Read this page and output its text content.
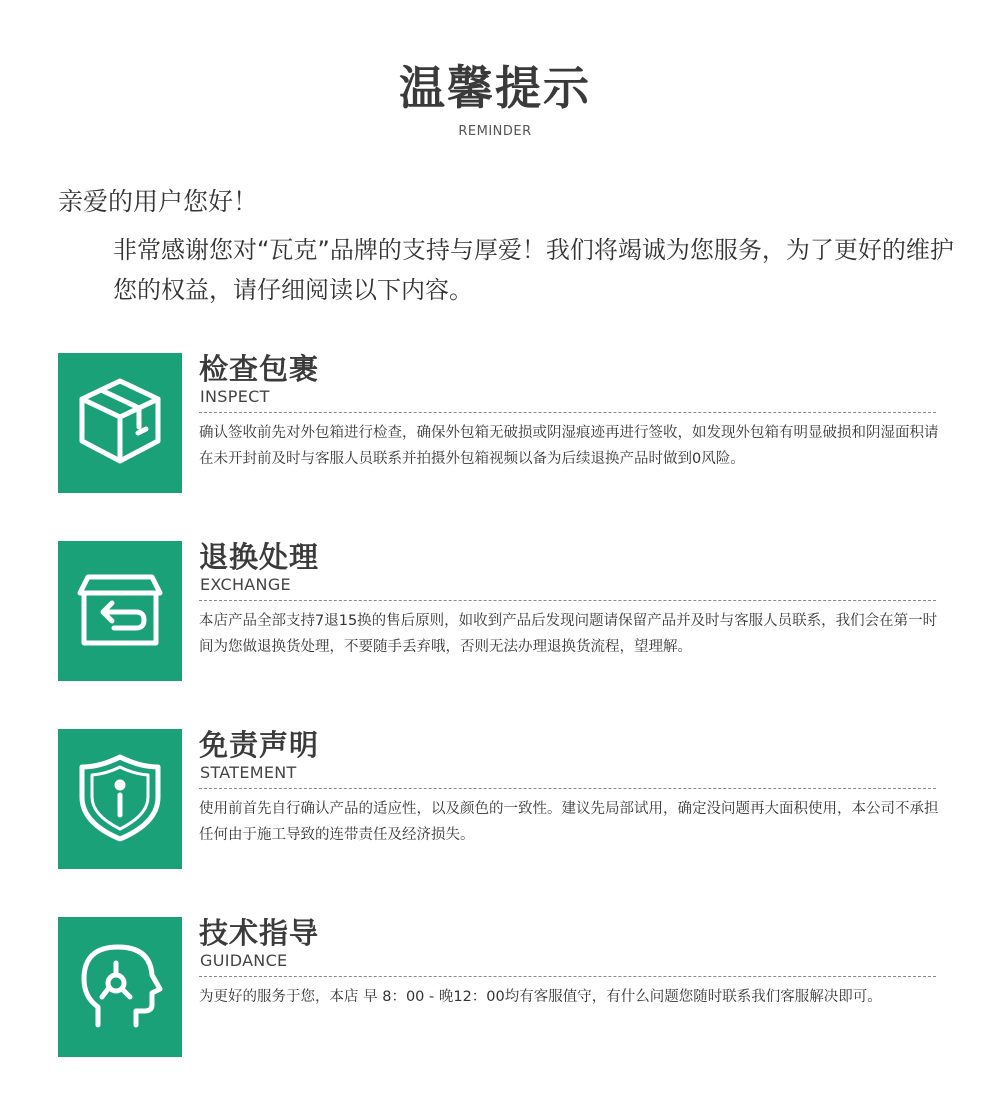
温馨提示
REMINDER
亲爱的用户您好！
非常感谢您对“瓦克”品牌的支持与厚爱！我们将竭诚为您服务，为了更好的维护您的权益，请仔细阅读以下内容。
检查包裹
INSPECT
确认签收前先对外包箱进行检查，确保外包箱无破损或阴湿痕迹再进行签收，如发现外包箱有明显破损和阴湿面积请在未开封前及时与客服人员联系并拍摄外包箱视频以备为后续退换产品时做到0风险。
退换处理
EXCHANGE
本店产品全部支持7退15换的售后原则，如收到产品后发现问题请保留产品并及时与客服人员联系，我们会在第一时间为您做退换货处理，不要随手丢弃哦，否则无法办理退换货流程，望理解。
免责声明
STATEMENT
使用前首先自行确认产品的适应性，以及颜色的一致性。建议先局部试用，确定没问题再大面积使用，本公司不承担任何由于施工导致的连带责任及经济损失。
技术指导
GUIDANCE
为更好的服务于您，本店 早 8：00 - 晚12：00均有客服值守，有什么问题您随时联系我们客服解决即可。
